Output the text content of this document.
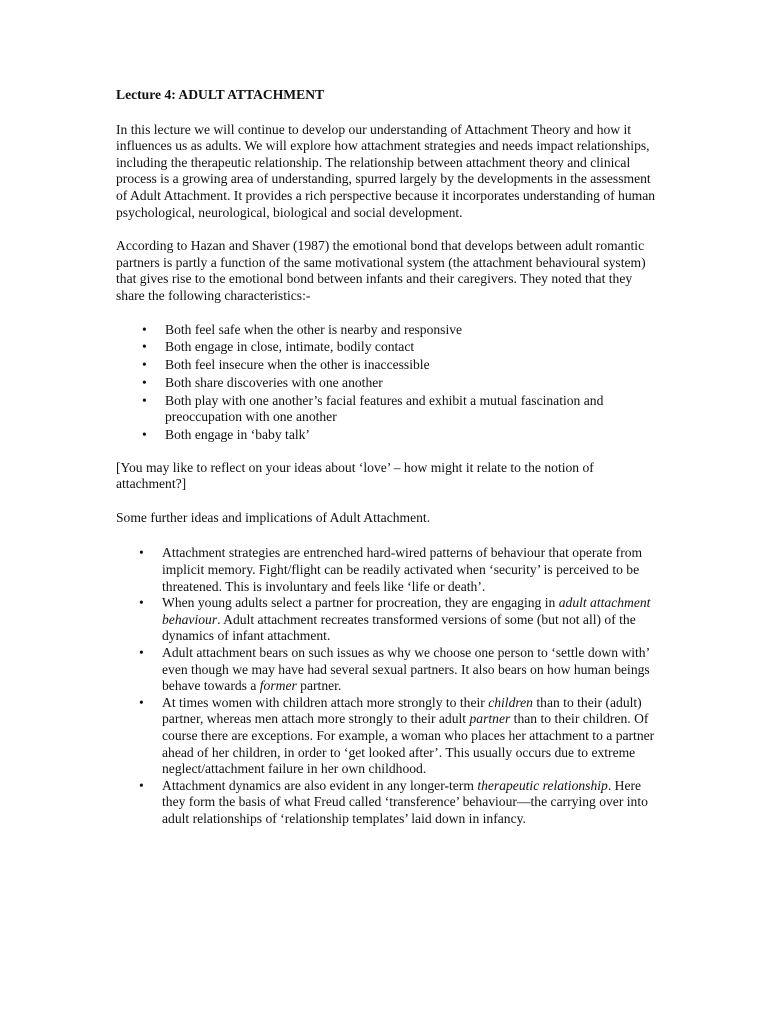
Lecture 4: ADULT ATTACHMENT

In this lecture we will continue to develop our understanding of Attachment Theory and how it influences us as adults. We will explore how attachment strategies and needs impact relationships, including the therapeutic relationship. The relationship between attachment theory and clinical process is a growing area of understanding, spurred largely by the developments in the assessment of Adult Attachment. It provides a rich perspective because it incorporates understanding of human psychological, neurological, biological and social development.

According to Hazan and Shaver (1987) the emotional bond that develops between adult romantic partners is partly a function of the same motivational system (the attachment behavioural system) that gives rise to the emotional bond between infants and their caregivers. They noted that they share the following characteristics:-

• Both feel safe when the other is nearby and responsive
• Both engage in close, intimate, bodily contact
• Both feel insecure when the other is inaccessible
• Both share discoveries with one another
• Both play with one another’s facial features and exhibit a mutual fascination and preoccupation with one another
• Both engage in ‘baby talk’

[You may like to reflect on your ideas about ‘love’ – how might it relate to the notion of attachment?]

Some further ideas and implications of Adult Attachment.

• Attachment strategies are entrenched hard-wired patterns of behaviour that operate from implicit memory. Fight/flight can be readily activated when ‘security’ is perceived to be threatened. This is involuntary and feels like ‘life or death’.
• When young adults select a partner for procreation, they are engaging in adult attachment behaviour. Adult attachment recreates transformed versions of some (but not all) of the dynamics of infant attachment.
• Adult attachment bears on such issues as why we choose one person to ‘settle down with’ even though we may have had several sexual partners. It also bears on how human beings behave towards a former partner.
• At times women with children attach more strongly to their children than to their (adult) partner, whereas men attach more strongly to their adult partner than to their children. Of course there are exceptions. For example, a woman who places her attachment to a partner ahead of her children, in order to ‘get looked after’. This usually occurs due to extreme neglect/attachment failure in her own childhood.
• Attachment dynamics are also evident in any longer-term therapeutic relationship. Here they form the basis of what Freud called ‘transference’ behaviour—the carrying over into adult relationships of ‘relationship templates’ laid down in infancy.
